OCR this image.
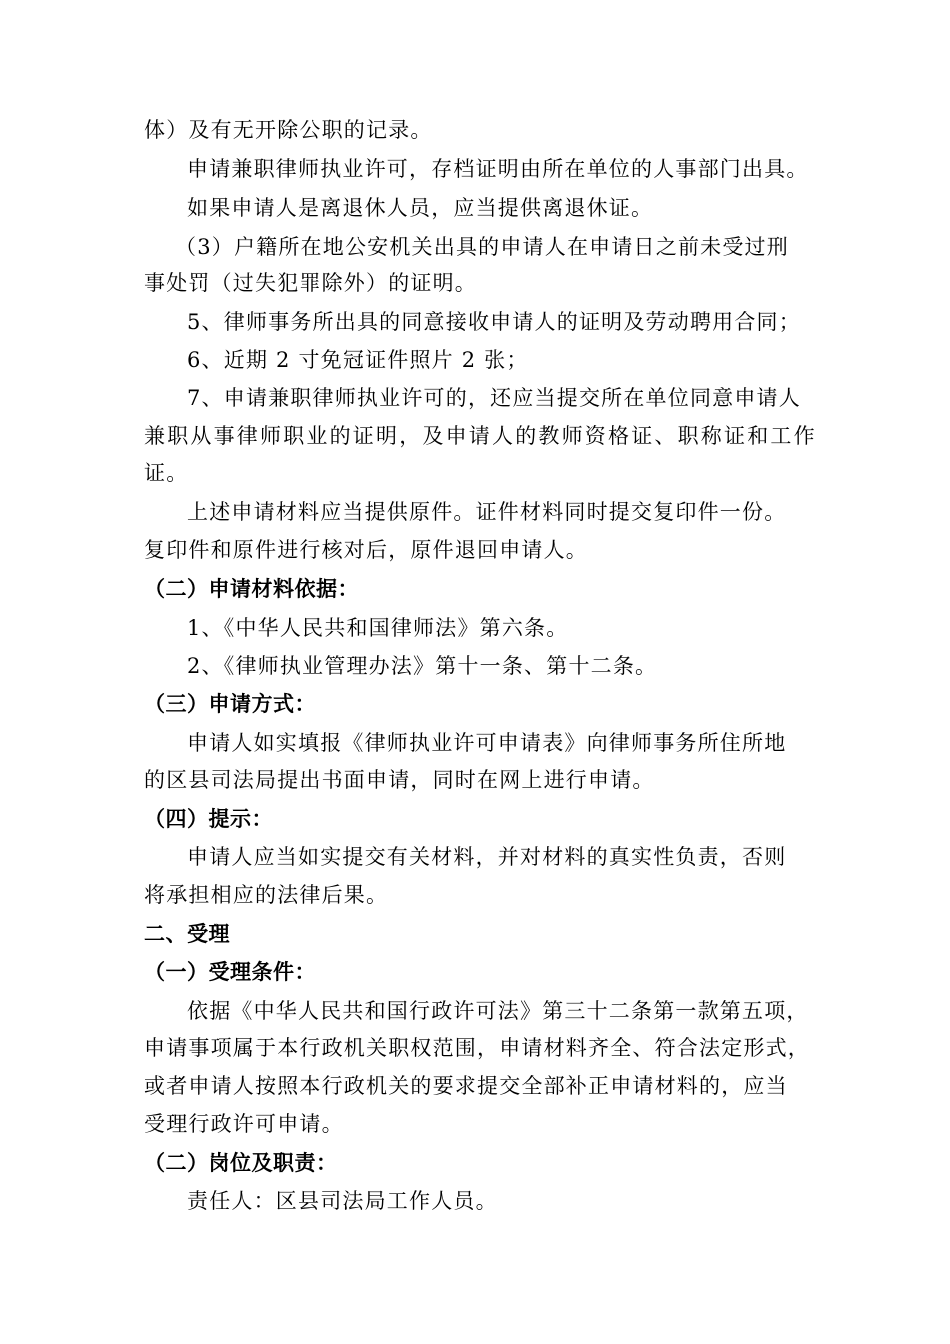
体）及有无开除公职的记录。
申请兼职律师执业许可，存档证明由所在单位的人事部门出具。
如果申请人是离退休人员，应当提供离退休证。
（3）户籍所在地公安机关出具的申请人在申请日之前未受过刑
事处罚（过失犯罪除外）的证明。
5、律师事务所出具的同意接收申请人的证明及劳动聘用合同；
6、近期 2 寸免冠证件照片 2 张；
7、申请兼职律师执业许可的，还应当提交所在单位同意申请人
兼职从事律师职业的证明，及申请人的教师资格证、职称证和工作
证。
上述申请材料应当提供原件。证件材料同时提交复印件一份。
复印件和原件进行核对后，原件退回申请人。
（二）申请材料依据：
1、《中华人民共和国律师法》第六条。
2、《律师执业管理办法》第十一条、第十二条。
（三）申请方式：
申请人如实填报《律师执业许可申请表》向律师事务所住所地
的区县司法局提出书面申请，同时在网上进行申请。
（四）提示：
申请人应当如实提交有关材料，并对材料的真实性负责，否则
将承担相应的法律后果。
二、受理
（一）受理条件：
依据《中华人民共和国行政许可法》第三十二条第一款第五项，
申请事项属于本行政机关职权范围，申请材料齐全、符合法定形式，
或者申请人按照本行政机关的要求提交全部补正申请材料的，应当
受理行政许可申请。
（二）岗位及职责：
责任人：区县司法局工作人员。
